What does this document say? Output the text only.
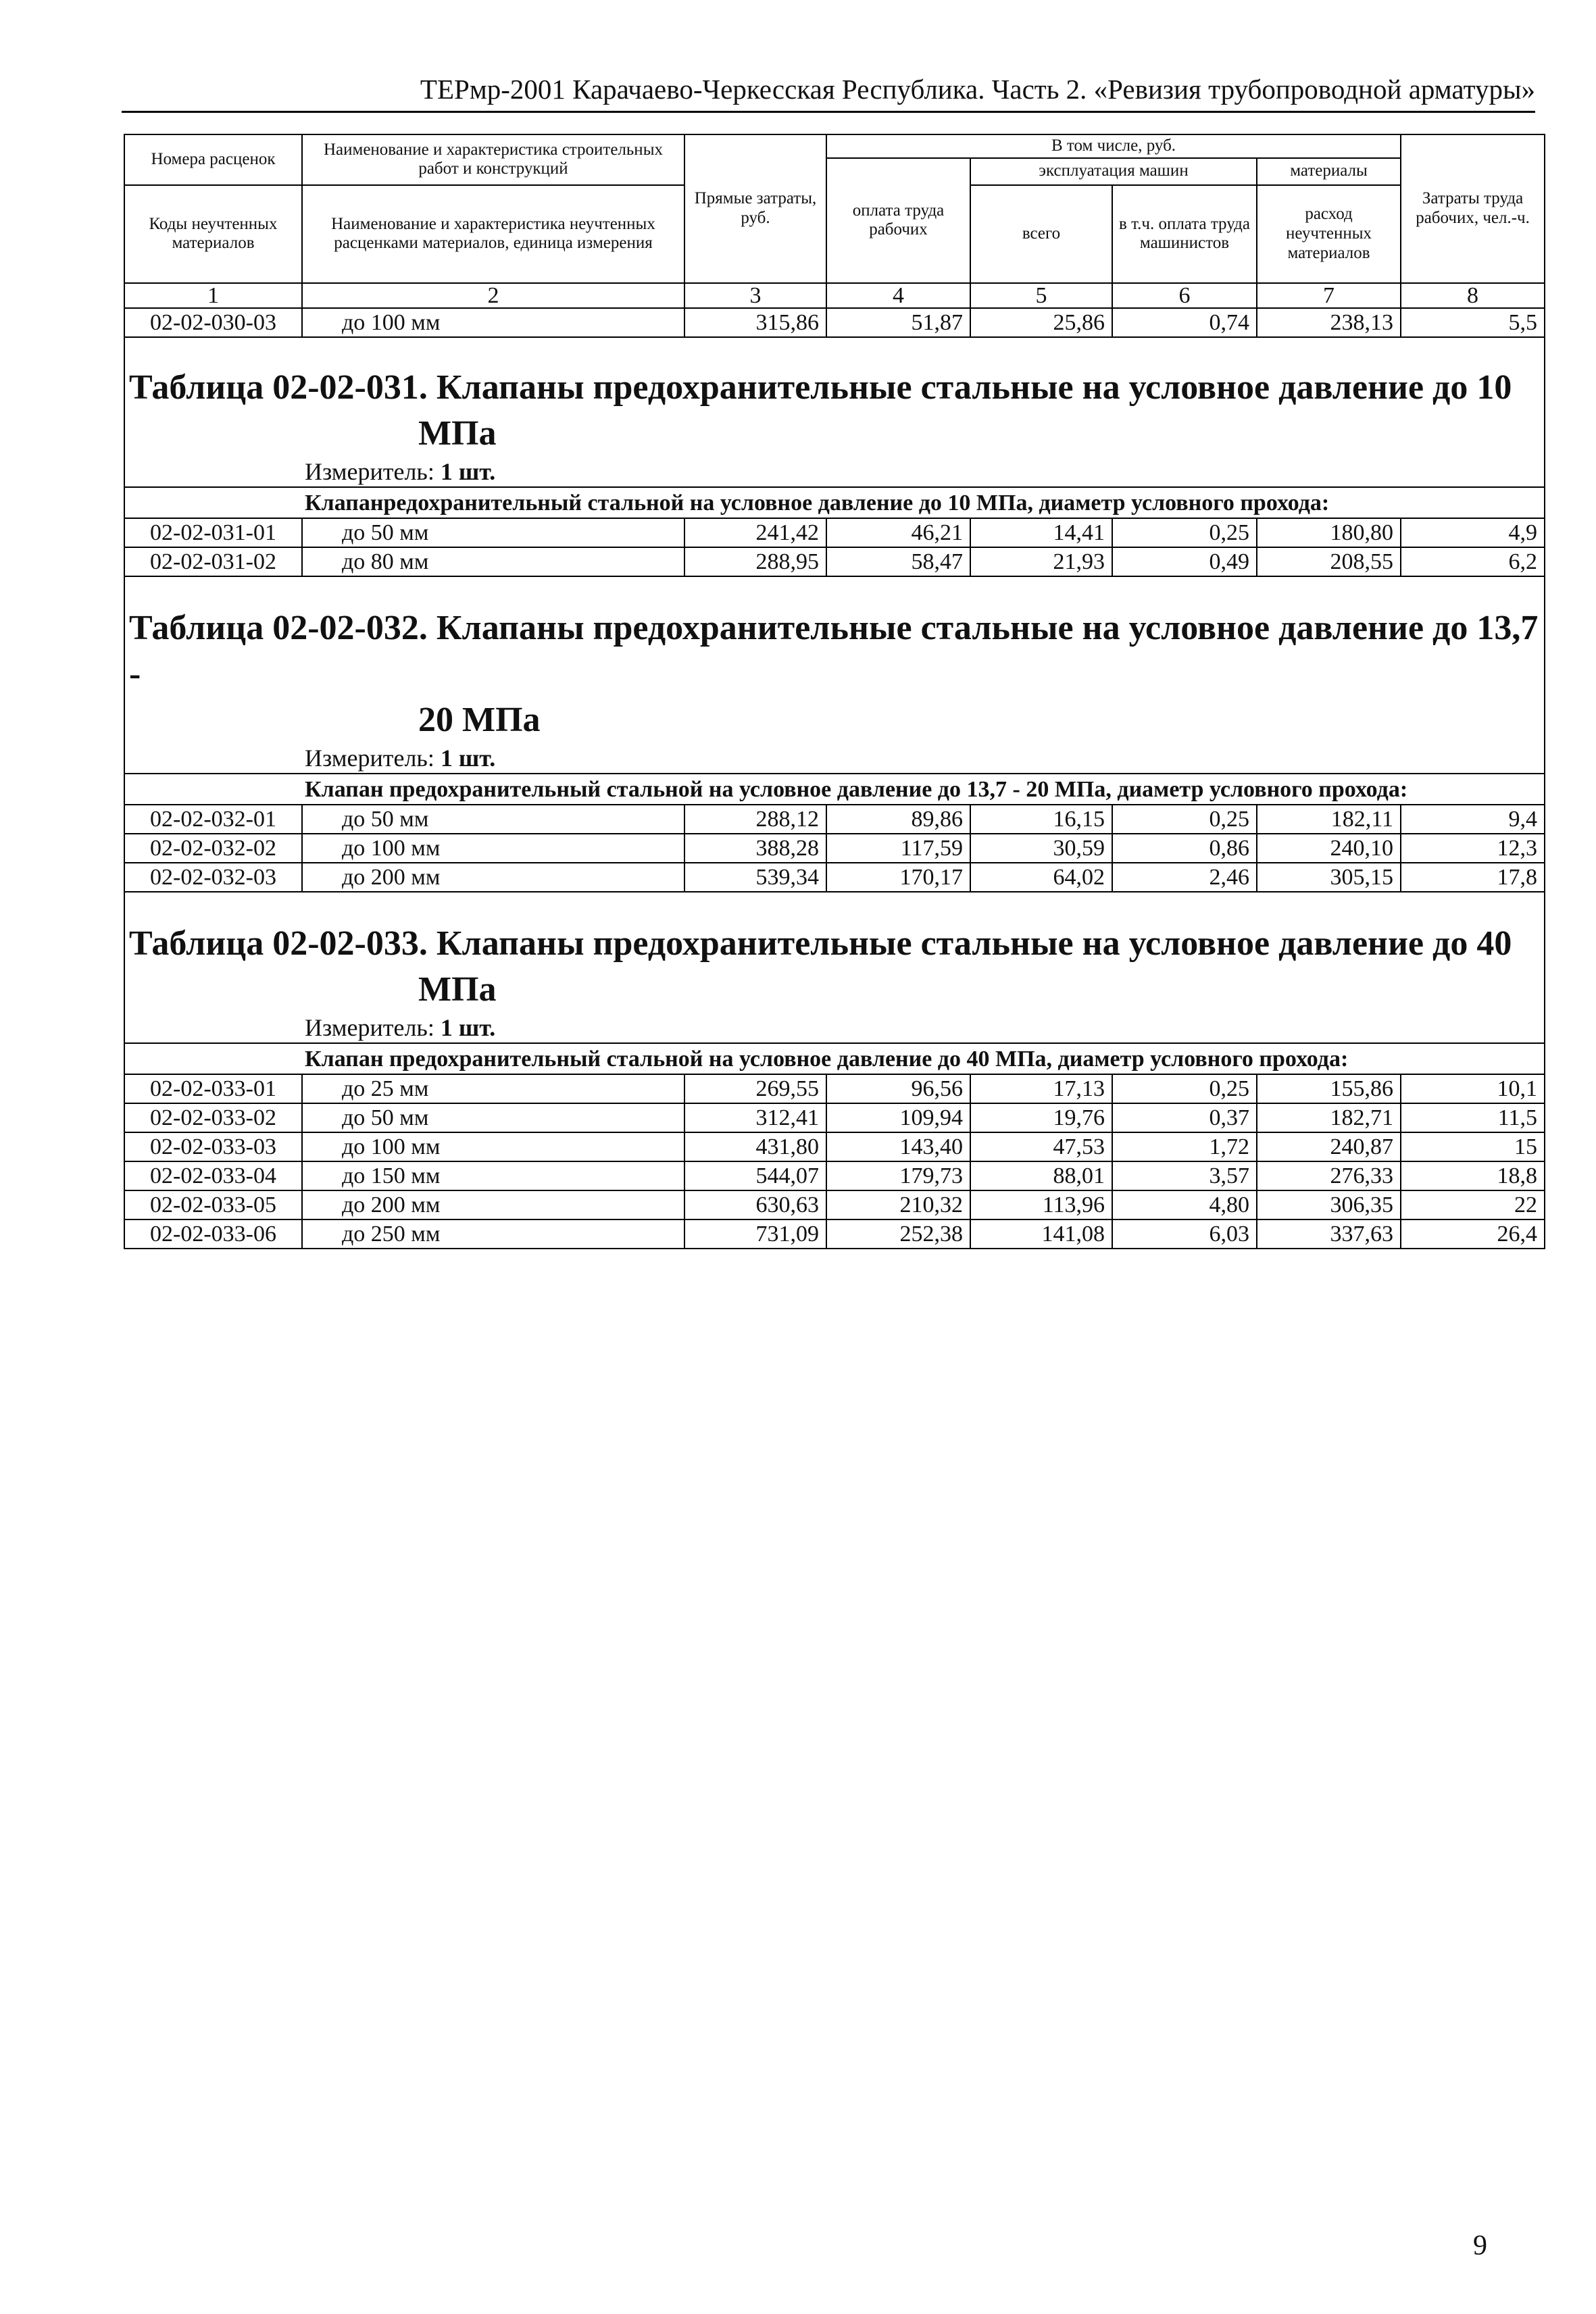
ТЕРмр-2001 Карачаево-Черкесская Республика. Часть 2. «Ревизия трубопроводной арматуры»
Номера расценок	Наименование и характеристика строительных работ и конструкций	Прямые затраты, руб.	В том числе, руб.				Затраты труда рабочих, чел.-ч.
			оплата труда рабочих	эксплуатация машин		материалы	
Коды неучтенных материалов	Наименование и характеристика неучтенных расценками материалов, единица измерения			всего	в т.ч. оплата труда машинистов	расход неучтенных материалов	

1	2	3	4	5	6	7	8
02-02-030-03	до 100 мм	315,86	51,87	25,86	0,74	238,13	5,5

Таблица 02-02-031. Клапаны предохранительные стальные на условное давление до 10
МПа							

Измеритель: 1 шт.							
Клапанредохранительный стальной на условное давление до 10 МПа, диаметр условного прохода:							
02-02-031-01	до 50 мм	241,42	46,21	14,41	0,25	180,80	4,9
02-02-031-02	до 80 мм	288,95	58,47	21,93	0,49	208,55	6,2

Таблица 02-02-032. Клапаны предохранительные стальные на условное давление до 13,7 -
20 МПа							

Измеритель: 1 шт.							
Клапан предохранительный стальной на условное давление до 13,7 - 20 МПа, диаметр условного прохода:							
02-02-032-01	до 50 мм	288,12	89,86	16,15	0,25	182,11	9,4
02-02-032-02	до 100 мм	388,28	117,59	30,59	0,86	240,10	12,3
02-02-032-03	до 200 мм	539,34	170,17	64,02	2,46	305,15	17,8

Таблица 02-02-033. Клапаны предохранительные стальные на условное давление до 40
МПа							

Измеритель: 1 шт.							
Клапан предохранительный стальной на условное давление до 40 МПа, диаметр условного прохода:							
02-02-033-01	до 25 мм	269,55	96,56	17,13	0,25	155,86	10,1
02-02-033-02	до 50 мм	312,41	109,94	19,76	0,37	182,71	11,5
02-02-033-03	до 100 мм	431,80	143,40	47,53	1,72	240,87	15
02-02-033-04	до 150 мм	544,07	179,73	88,01	3,57	276,33	18,8
02-02-033-05	до 200 мм	630,63	210,32	113,96	4,80	306,35	22
02-02-033-06	до 250 мм	731,09	252,38	141,08	6,03	337,63	26,4
9
